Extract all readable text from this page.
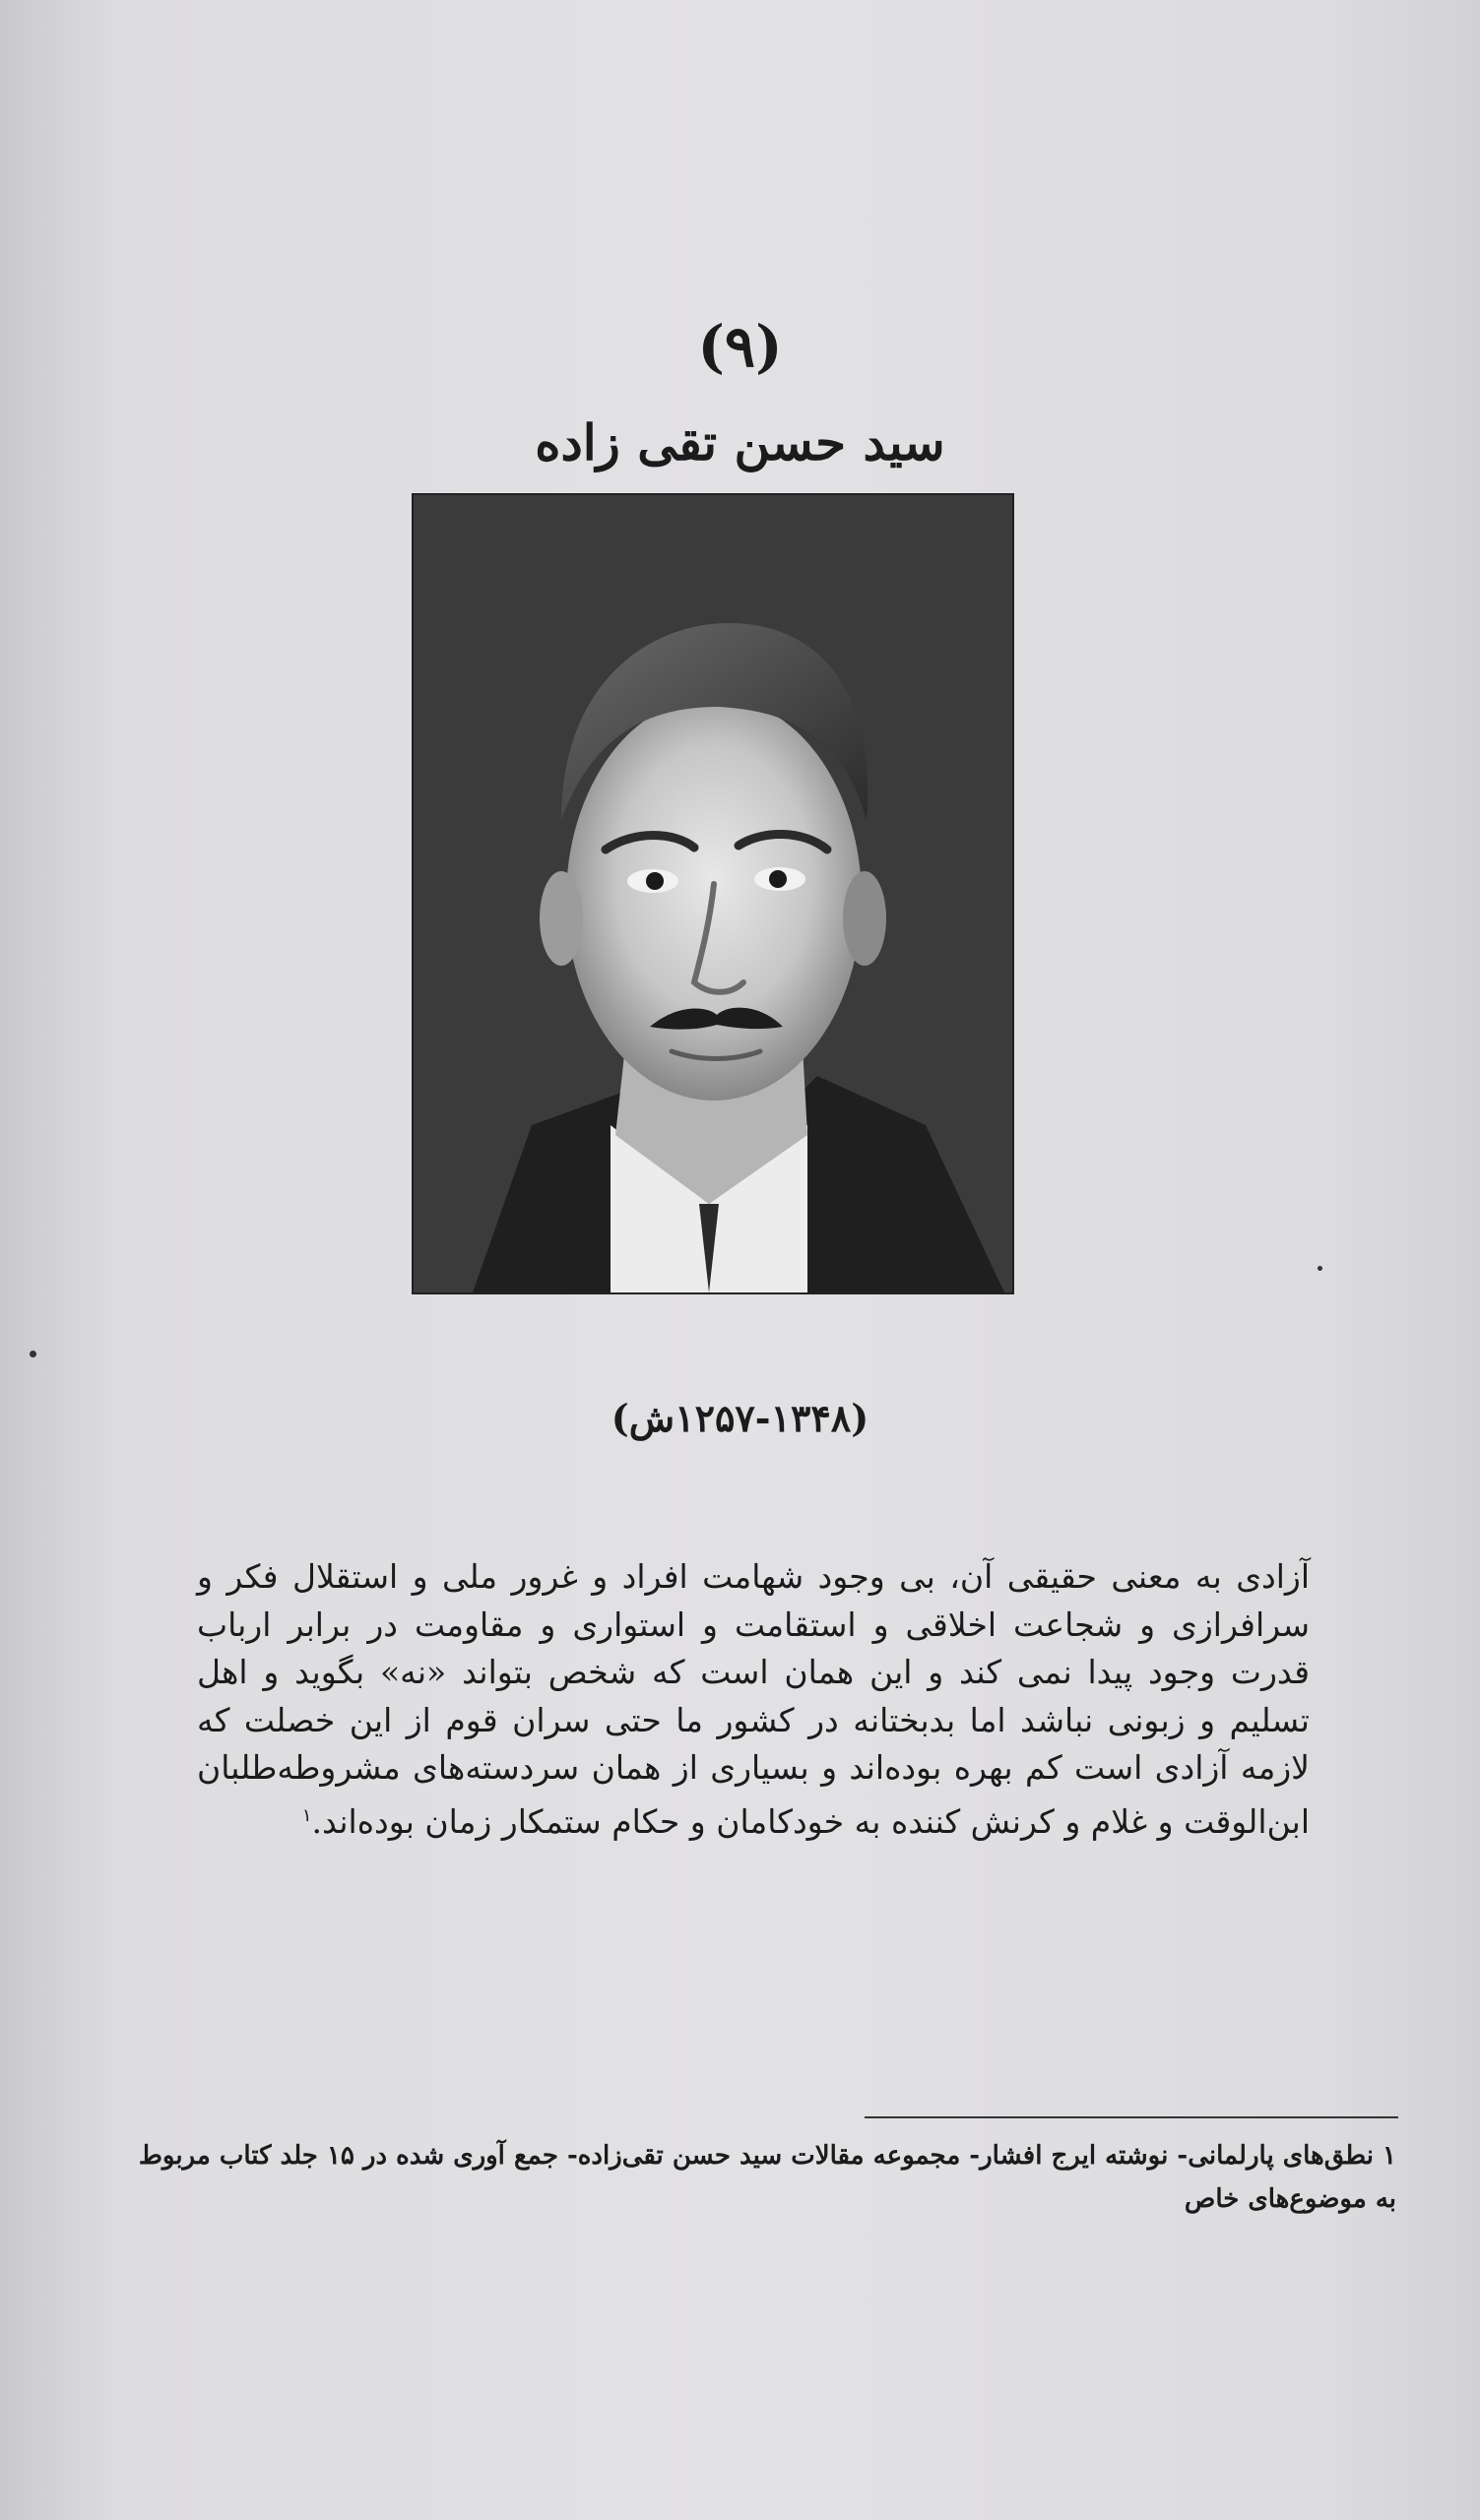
(۹)
سید حسن تقی زاده
(۱۲۵۷-۱۳۴۸ش)

آزادی به معنی حقیقی آن، بی وجود شهامت افراد و غرور ملی و استقلال فکر و سرافرازی و شجاعت اخلاقی و استقامت و استواری و مقاومت در برابر ارباب قدرت وجود پیدا نمی کند و این همان است که شخص بتواند «نه» بگوید و اهل تسلیم و زبونی نباشد اما بدبختانه در کشور ما حتی سران قوم از این خصلت که لازمه آزادی است کم بهره بوده‌اند و بسیاری از همان سردسته‌های مشروطه‌طلبان ابن‌الوقت و غلام و کرنش کننده به خودکامان و حکام ستمکار زمان بوده‌اند.$^۱$

۱ نطق‌های پارلمانی- نوشته ایرج افشار- مجموعه مقالات سید حسن تقی‌زاده- جمع آوری شده در ۱۵ جلد کتاب مربوط به موضوع‌های خاص
